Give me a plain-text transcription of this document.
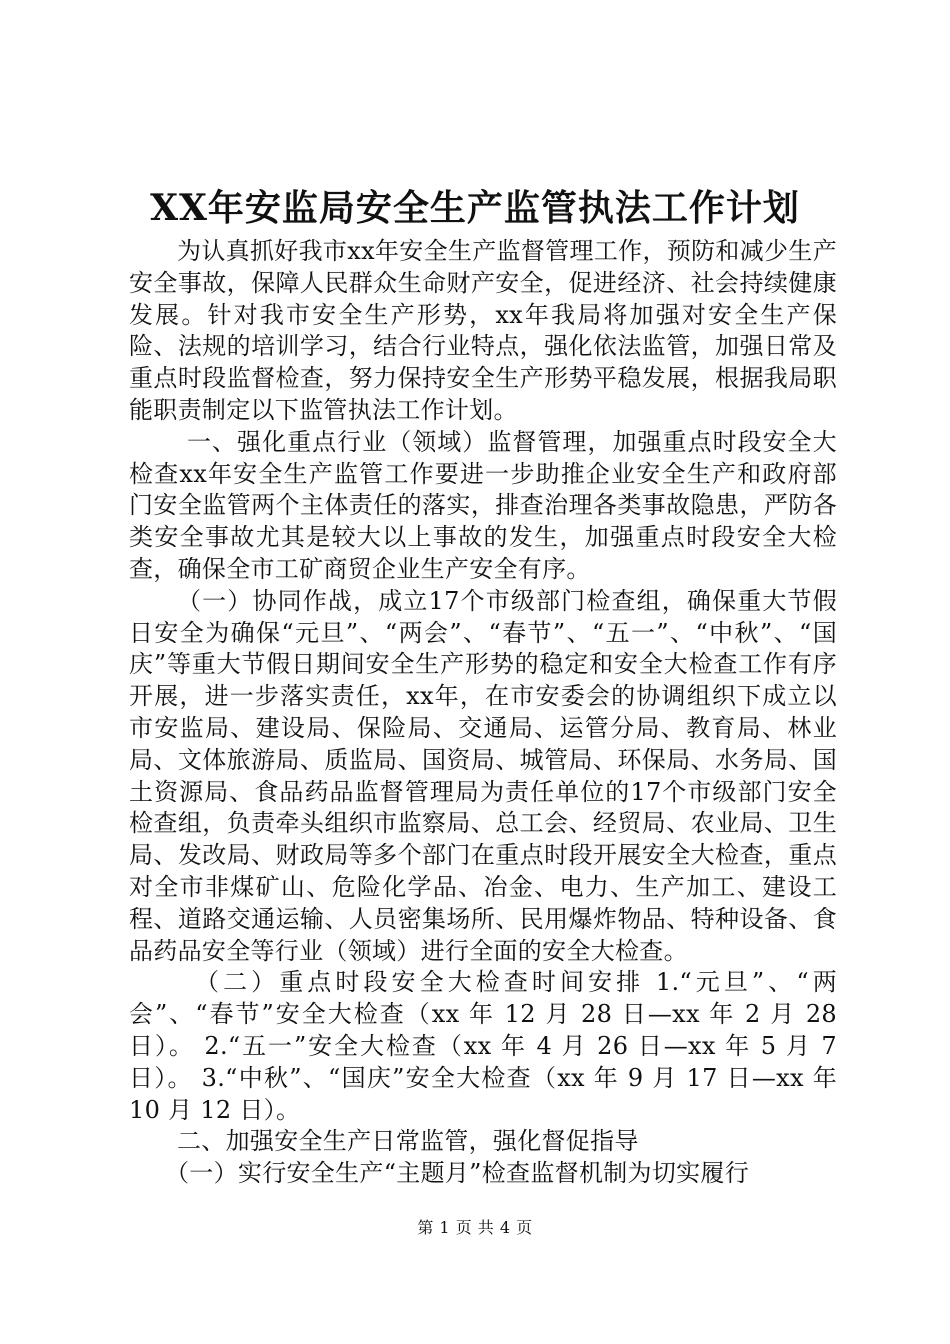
XX年安监局安全生产监管执法工作计划

为认真抓好我市xx年安全生产监督管理工作，预防和减少生产安全事故，保障人民群众生命财产安全，促进经济、社会持续健康发展。针对我市安全生产形势，xx年我局将加强对安全生产保险、法规的培训学习，结合行业特点，强化依法监管，加强日常及重点时段监督检查，努力保持安全生产形势平稳发展，根据我局职能职责制定以下监管执法工作计划。

一、强化重点行业（领域）监督管理，加强重点时段安全大检查xx年安全生产监管工作要进一步助推企业安全生产和政府部门安全监管两个主体责任的落实，排查治理各类事故隐患，严防各类安全事故尤其是较大以上事故的发生，加强重点时段安全大检查，确保全市工矿商贸企业生产安全有序。

（一）协同作战，成立17个市级部门检查组，确保重大节假日安全为确保“元旦”、“两会”、“春节”、“五一”、“中秋”、“国庆”等重大节假日期间安全生产形势的稳定和安全大检查工作有序开展，进一步落实责任，xx年，在市安委会的协调组织下成立以市安监局、建设局、保险局、交通局、运管分局、教育局、林业局、文体旅游局、质监局、国资局、城管局、环保局、水务局、国土资源局、食品药品监督管理局为责任单位的17个市级部门安全检查组，负责牵头组织市监察局、总工会、经贸局、农业局、卫生局、发改局、财政局等多个部门在重点时段开展安全大检查，重点对全市非煤矿山、危险化学品、冶金、电力、生产加工、建设工程、道路交通运输、人员密集场所、民用爆炸物品、特种设备、食品药品安全等行业（领域）进行全面的安全大检查。

（二）重点时段安全大检查时间安排 1.“元旦”、“两会”、“春节”安全大检查（xx 年 12 月 28 日—xx 年 2 月 28 日）。 2.“五一”安全大检查（xx 年 4 月 26 日—xx 年 5 月 7 日）。 3.“中秋”、“国庆”安全大检查（xx 年 9 月 17 日—xx 年 10 月 12 日）。

二、加强安全生产日常监管，强化督促指导

（一）实行安全生产“主题月”检查监督机制为切实履行

第 1 页 共 4 页
